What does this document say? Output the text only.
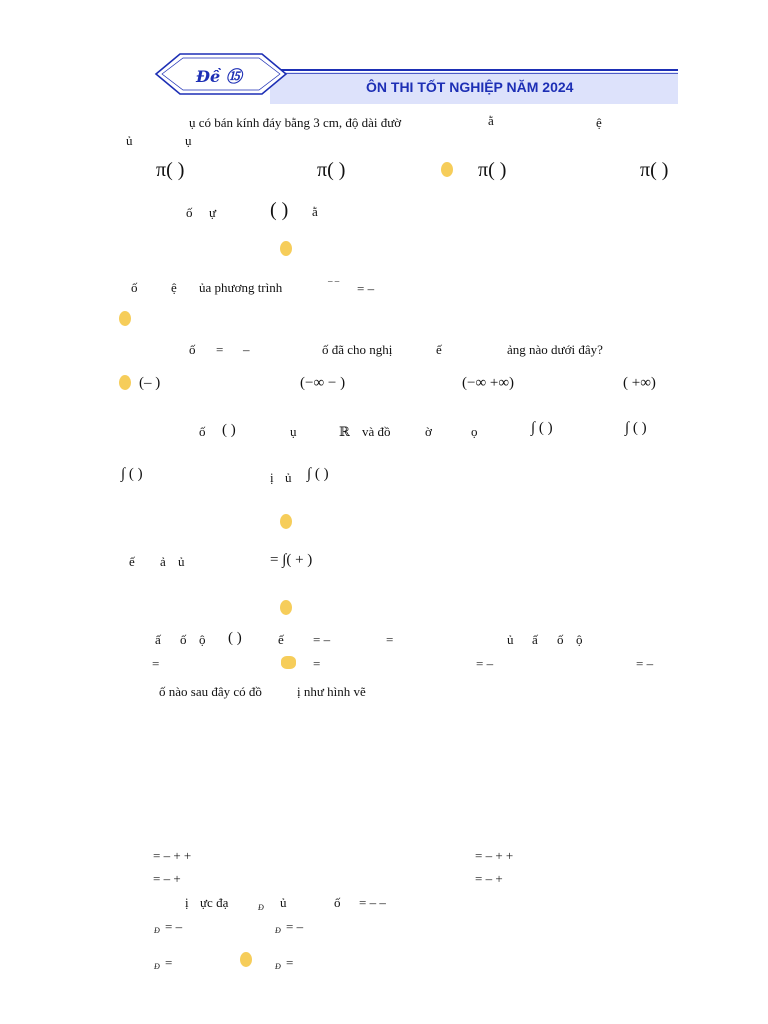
Đề ⑮
ÔN THI TỐT NGHIỆP NĂM 2024
ụ có bán kính đáy bằng 3 cm, độ dài đườ	ằ	ệ
ủ	ụ
π( )	π( )	π( )	π( )
ố ự	( ) ằ
ố	ệ ủa phương trình	– – = –
ố = –	ố đã cho nghị	ế	ảng nào dưới đây?
(– )	(−∞ − )	(−∞ +∞)	( +∞)
ố ( )	ụ	ℝ và đồ	ờ	ọ	∫ ( )	∫ ( )
∫ ( )	ị ủ ∫ ( )
ế ả ủ	= ∫( + )
ấ ố ộ ( )	ế = –	=	ủ ấ ố ộ
=	=	= –	= –
ố nào sau đây có đồ	ị như hình vẽ
= – + +	= – + +
= – +	= – +
ị ực đạ	Đ ủ	ố = – –
Đ = –	Đ = –
Đ =	Đ =
